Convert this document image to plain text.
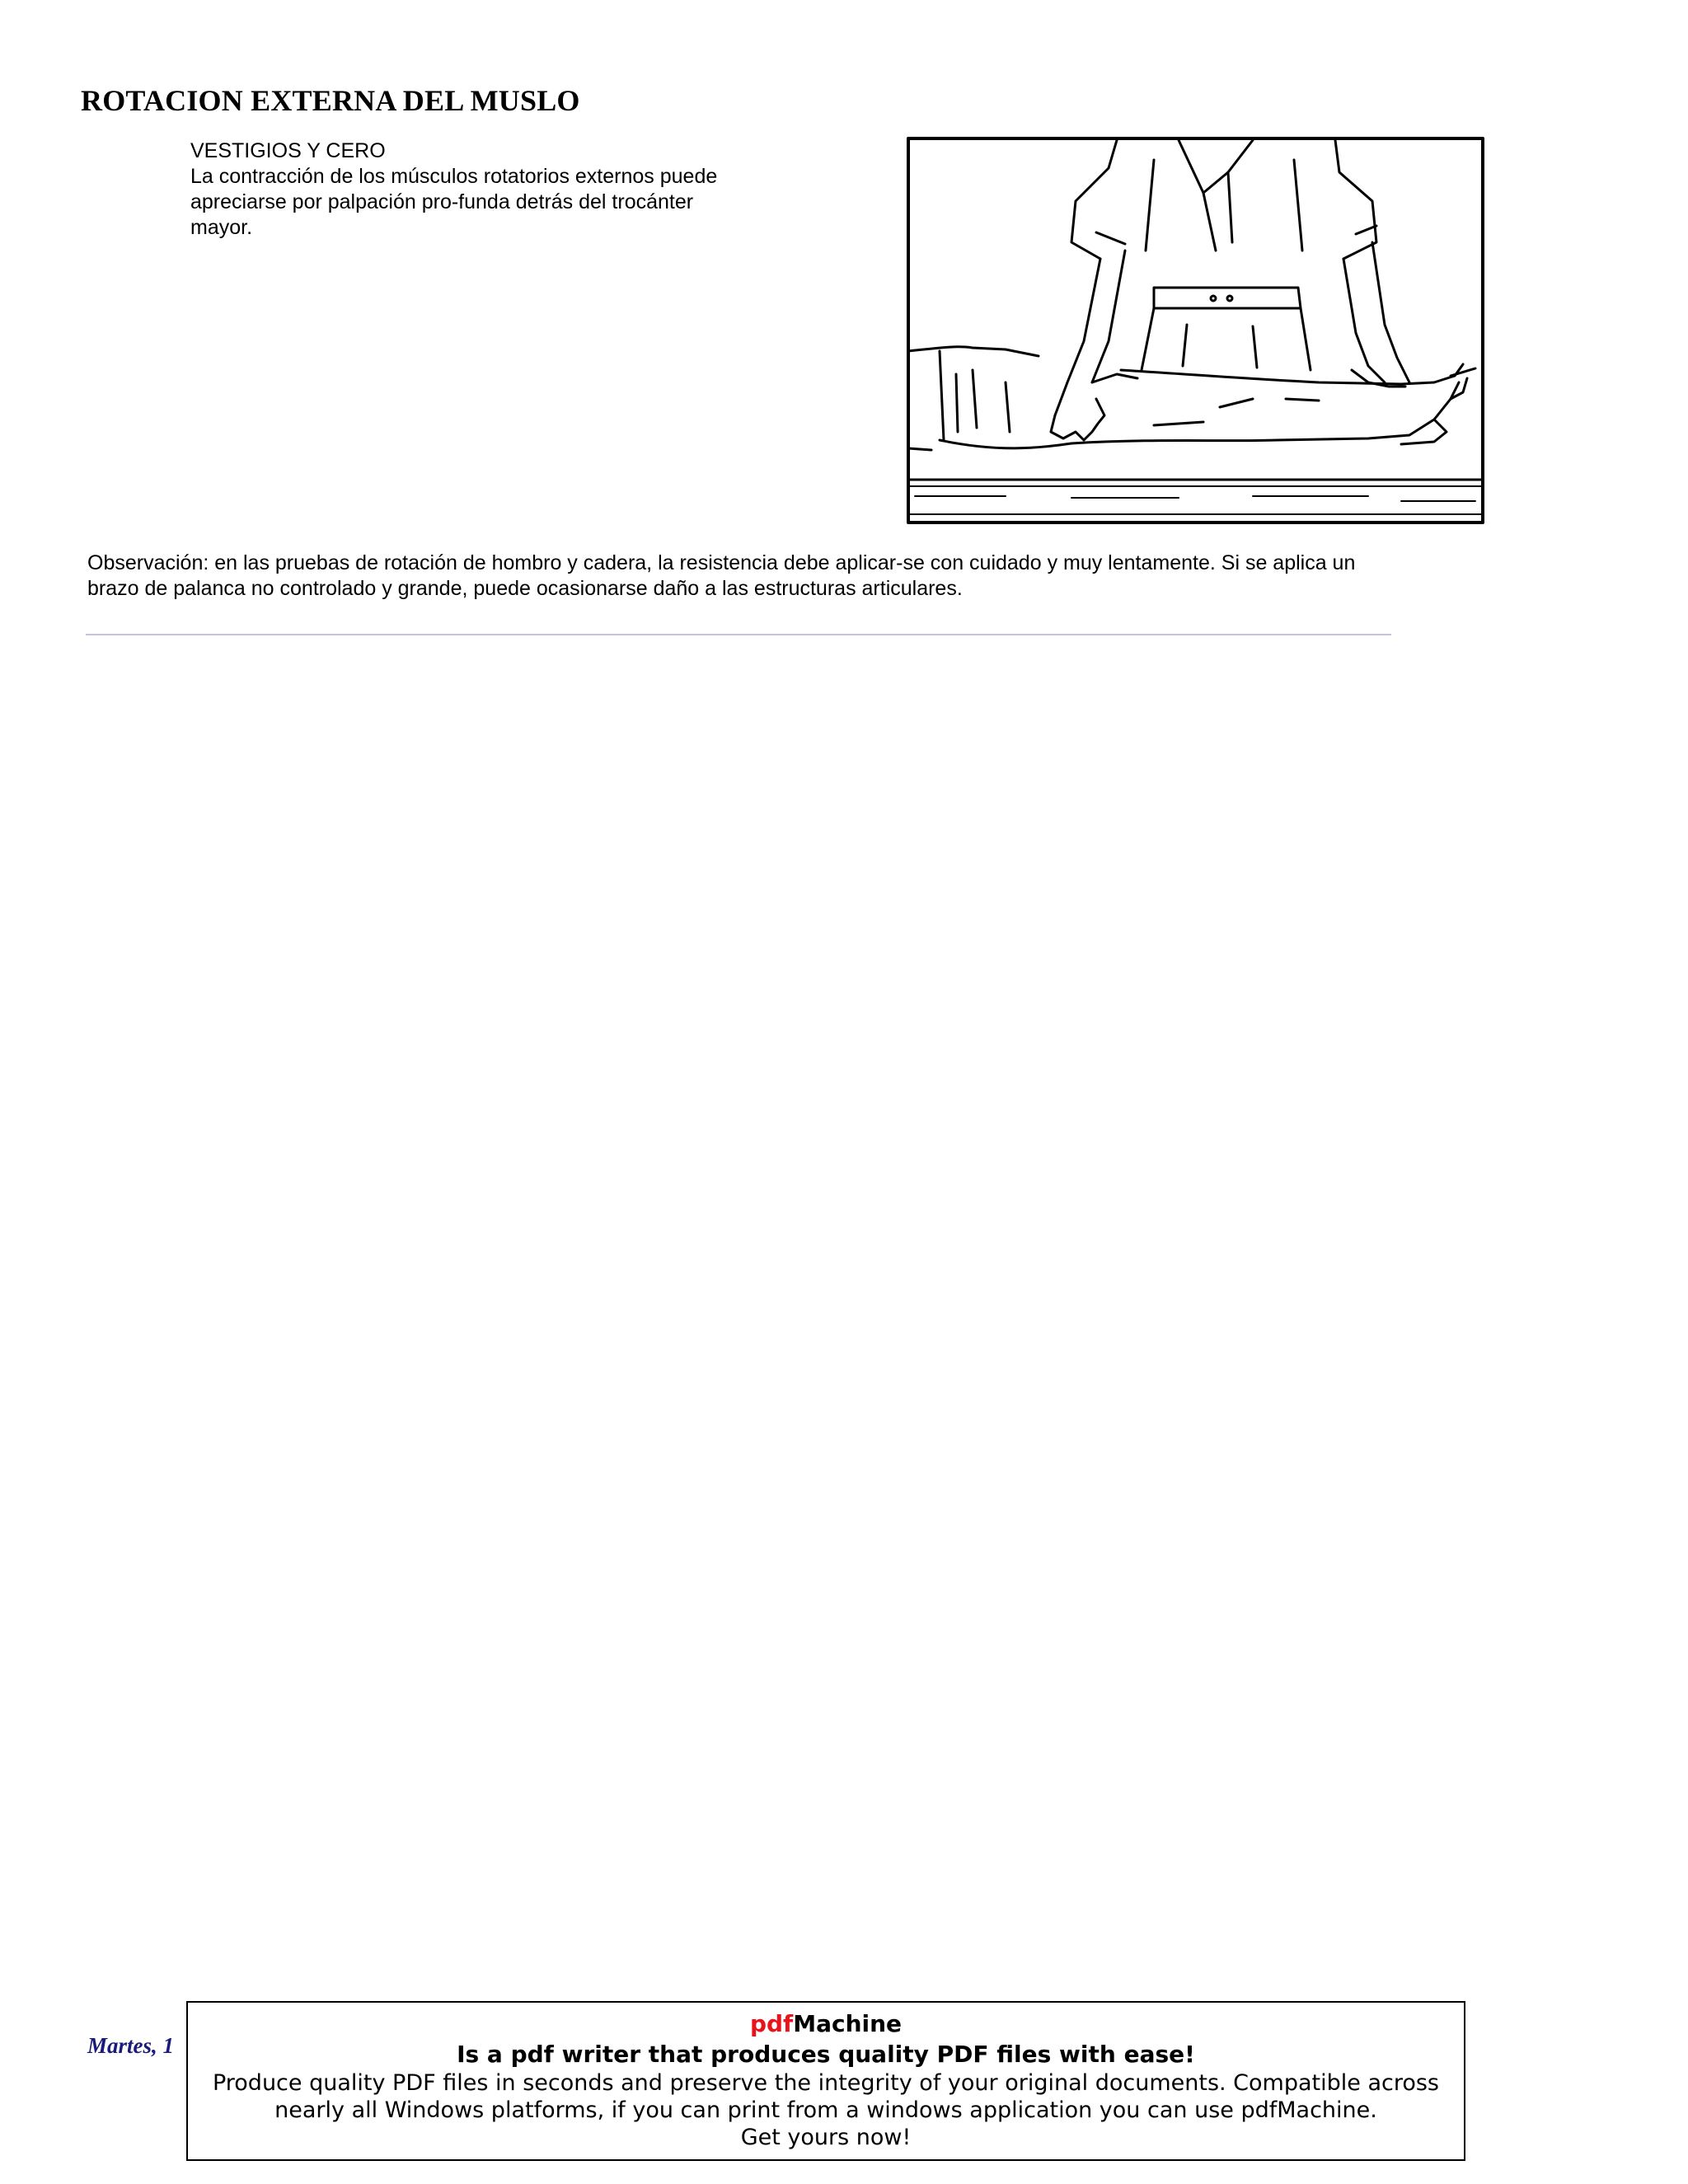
ROTACION EXTERNA DEL MUSLO
VESTIGIOS Y CERO
La contracción de los músculos rotatorios externos puede
apreciarse por palpación pro-funda detrás del trocánter
mayor.
Observación: en las pruebas de rotación de hombro y cadera, la resistencia debe aplicar-se con cuidado y muy lentamente. Si se aplica un
brazo de palanca no controlado y grande, puede ocasionarse daño a las estructuras articulares.
Martes, 1
pdfMachine
Is a pdf writer that produces quality PDF files with ease!
Produce quality PDF files in seconds and preserve the integrity of your original documents. Compatible across
nearly all Windows platforms, if you can print from a windows application you can use pdfMachine.
Get yours now!
